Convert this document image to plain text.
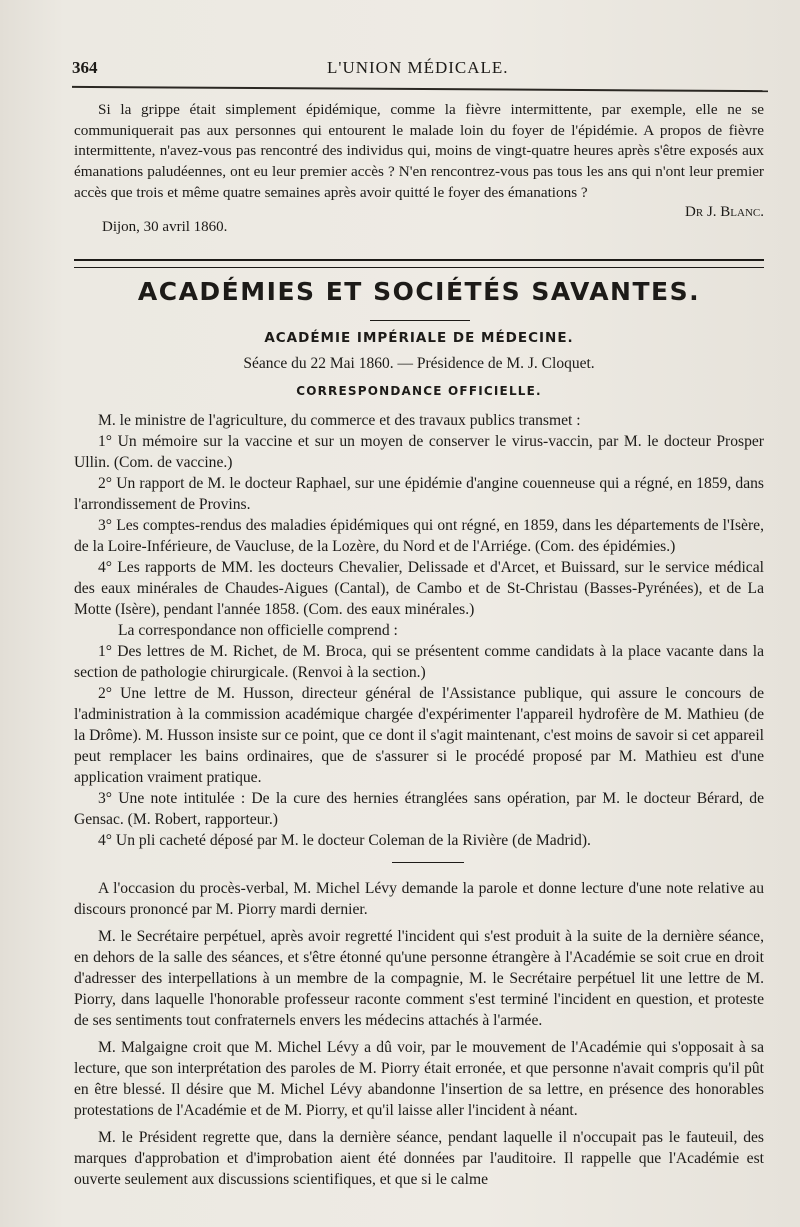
364	L'UNION MÉDICALE.

Si la grippe était simplement épidémique, comme la fièvre intermittente, par exemple, elle ne se communiquerait pas aux personnes qui entourent le malade loin du foyer de l'épidémie. A propos de fièvre intermittente, n'avez-vous pas rencontré des individus qui, moins de vingt-quatre heures après s'être exposés aux émanations paludéennes, ont eu leur premier accès ? N'en rencontrez-vous pas tous les ans qui n'ont leur premier accès que trois et même quatre semaines après avoir quitté le foyer des émanations ?

Dr J. Blanc.

Dijon, 30 avril 1860.

ACADÉMIES ET SOCIÉTÉS SAVANTES.
ACADÉMIE IMPÉRIALE DE MÉDECINE.
Séance du 22 Mai 1860. — Présidence de M. J. Cloquet.
CORRESPONDANCE OFFICIELLE.

M. le ministre de l'agriculture, du commerce et des travaux publics transmet :

1° Un mémoire sur la vaccine et sur un moyen de conserver le virus-vaccin, par M. le docteur Prosper Ullin. (Com. de vaccine.)

2° Un rapport de M. le docteur Raphael, sur une épidémie d'angine couenneuse qui a régné, en 1859, dans l'arrondissement de Provins.

3° Les comptes-rendus des maladies épidémiques qui ont régné, en 1859, dans les départements de l'Isère, de la Loire-Inférieure, de Vaucluse, de la Lozère, du Nord et de l'Arriége. (Com. des épidémies.)

4° Les rapports de MM. les docteurs Chevalier, Delissade et d'Arcet, et Buissard, sur le service médical des eaux minérales de Chaudes-Aigues (Cantal), de Cambo et de St-Christau (Basses-Pyrénées), et de La Motte (Isère), pendant l'année 1858. (Com. des eaux minérales.)

La correspondance non officielle comprend :

1° Des lettres de M. Richet, de M. Broca, qui se présentent comme candidats à la place vacante dans la section de pathologie chirurgicale. (Renvoi à la section.)

2° Une lettre de M. Husson, directeur général de l'Assistance publique, qui assure le concours de l'administration à la commission académique chargée d'expérimenter l'appareil hydrofère de M. Mathieu (de la Drôme). M. Husson insiste sur ce point, que ce dont il s'agit maintenant, c'est moins de savoir si cet appareil peut remplacer les bains ordinaires, que de s'assurer si le procédé proposé par M. Mathieu est d'une application vraiment pratique.

3° Une note intitulée : De la cure des hernies étranglées sans opération, par M. le docteur Bérard, de Gensac. (M. Robert, rapporteur.)

4° Un pli cacheté déposé par M. le docteur Coleman de la Rivière (de Madrid).

A l'occasion du procès-verbal, M. Michel Lévy demande la parole et donne lecture d'une note relative au discours prononcé par M. Piorry mardi dernier.

M. le Secrétaire perpétuel, après avoir regretté l'incident qui s'est produit à la suite de la dernière séance, en dehors de la salle des séances, et s'être étonné qu'une personne étrangère à l'Académie se soit crue en droit d'adresser des interpellations à un membre de la compagnie, M. le Secrétaire perpétuel lit une lettre de M. Piorry, dans laquelle l'honorable professeur raconte comment s'est terminé l'incident en question, et proteste de ses sentiments tout confraternels envers les médecins attachés à l'armée.

M. Malgaigne croit que M. Michel Lévy a dû voir, par le mouvement de l'Académie qui s'opposait à sa lecture, que son interprétation des paroles de M. Piorry était erronée, et que personne n'avait compris qu'il pût en être blessé. Il désire que M. Michel Lévy abandonne l'insertion de sa lettre, en présence des honorables protestations de l'Académie et de M. Piorry, et qu'il laisse aller l'incident à néant.

M. le Président regrette que, dans la dernière séance, pendant laquelle il n'occupait pas le fauteuil, des marques d'approbation et d'improbation aient été données par l'auditoire. Il rappelle que l'Académie est ouverte seulement aux discussions scientifiques, et que si le calme
